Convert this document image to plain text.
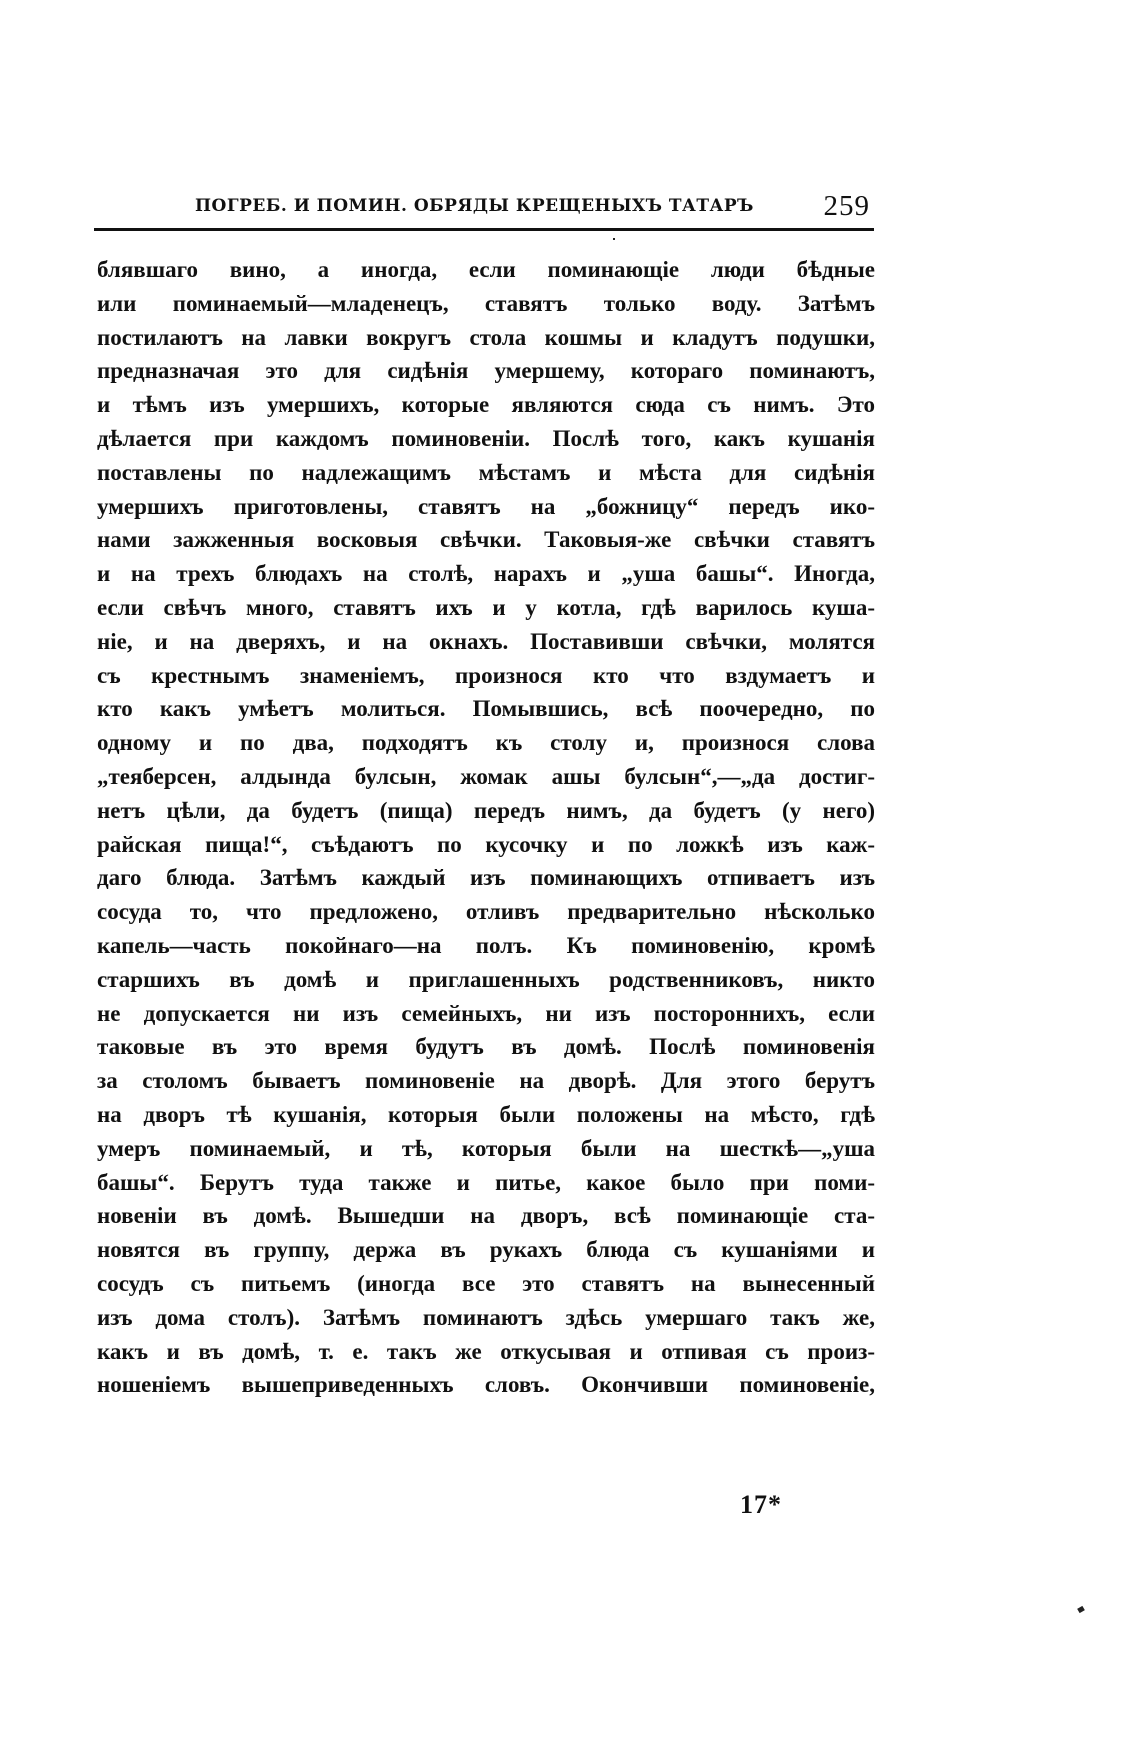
ПОГРЕБ. И ПОМИН. ОБРЯДЫ КРЕЩЕНЫХЪ ТАТАРЪ 259
блявшаго вино, а иногда, если поминающіе люди бѣдные
или поминаемый—младенецъ, ставятъ только воду. Затѣмъ
постилаютъ на лавки вокругъ стола кошмы и кладутъ подушки,
предназначая это для сидѣнія умершему, котораго поминаютъ,
и тѣмъ изъ умершихъ, которые являются сюда съ нимъ. Это
дѣлается при каждомъ поминовеніи. Послѣ того, какъ кушанія
поставлены по надлежащимъ мѣстамъ и мѣста для сидѣнія
умершихъ приготовлены, ставятъ на „божницу“ передъ ико-
нами зажженныя восковыя свѣчки. Таковыя-же свѣчки ставятъ
и на трехъ блюдахъ на столѣ, нарахъ и „уша башы“. Иногда,
если свѣчъ много, ставятъ ихъ и у котла, гдѣ варилось куша-
ніе, и на дверяхъ, и на окнахъ. Поставивши свѣчки, молятся
съ крестнымъ знаменіемъ, произнося кто что вздумаетъ и
кто какъ умѣетъ молиться. Помывшись, всѣ поочередно, по
одному и по два, подходятъ къ столу и, произнося слова
„теяберсен, алдында булсын, жомак ашы булсын“,—„да достиг-
нетъ цѣли, да будетъ (пища) передъ нимъ, да будетъ (у него)
райская пища!“, съѣдаютъ по кусочку и по ложкѣ изъ каж-
даго блюда. Затѣмъ каждый изъ поминающихъ отпиваетъ изъ
сосуда то, что предложено, отливъ предварительно нѣсколько
капель—часть покойнаго—на полъ. Къ поминовенію, кромѣ
старшихъ въ домѣ и приглашенныхъ родственниковъ, никто
не допускается ни изъ семейныхъ, ни изъ постороннихъ, если
таковые въ это время будутъ въ домѣ. Послѣ поминовенія
за столомъ бываетъ поминовеніе на дворѣ. Для этого берутъ
на дворъ тѣ кушанія, которыя были положены на мѣсто, гдѣ
умеръ поминаемый, и тѣ, которыя были на шесткѣ—„уша
башы“. Берутъ туда также и питье, какое было при поми-
новеніи въ домѣ. Вышедши на дворъ, всѣ поминающіе ста-
новятся въ группу, держа въ рукахъ блюда съ кушаніями и
сосудъ съ питьемъ (иногда все это ставятъ на вынесенный
изъ дома столъ). Затѣмъ поминаютъ здѣсь умершаго такъ же,
какъ и въ домѣ, т. е. такъ же откусывая и отпивая съ произ-
ношеніемъ вышеприведенныхъ словъ. Окончивши поминовеніе,
17*
